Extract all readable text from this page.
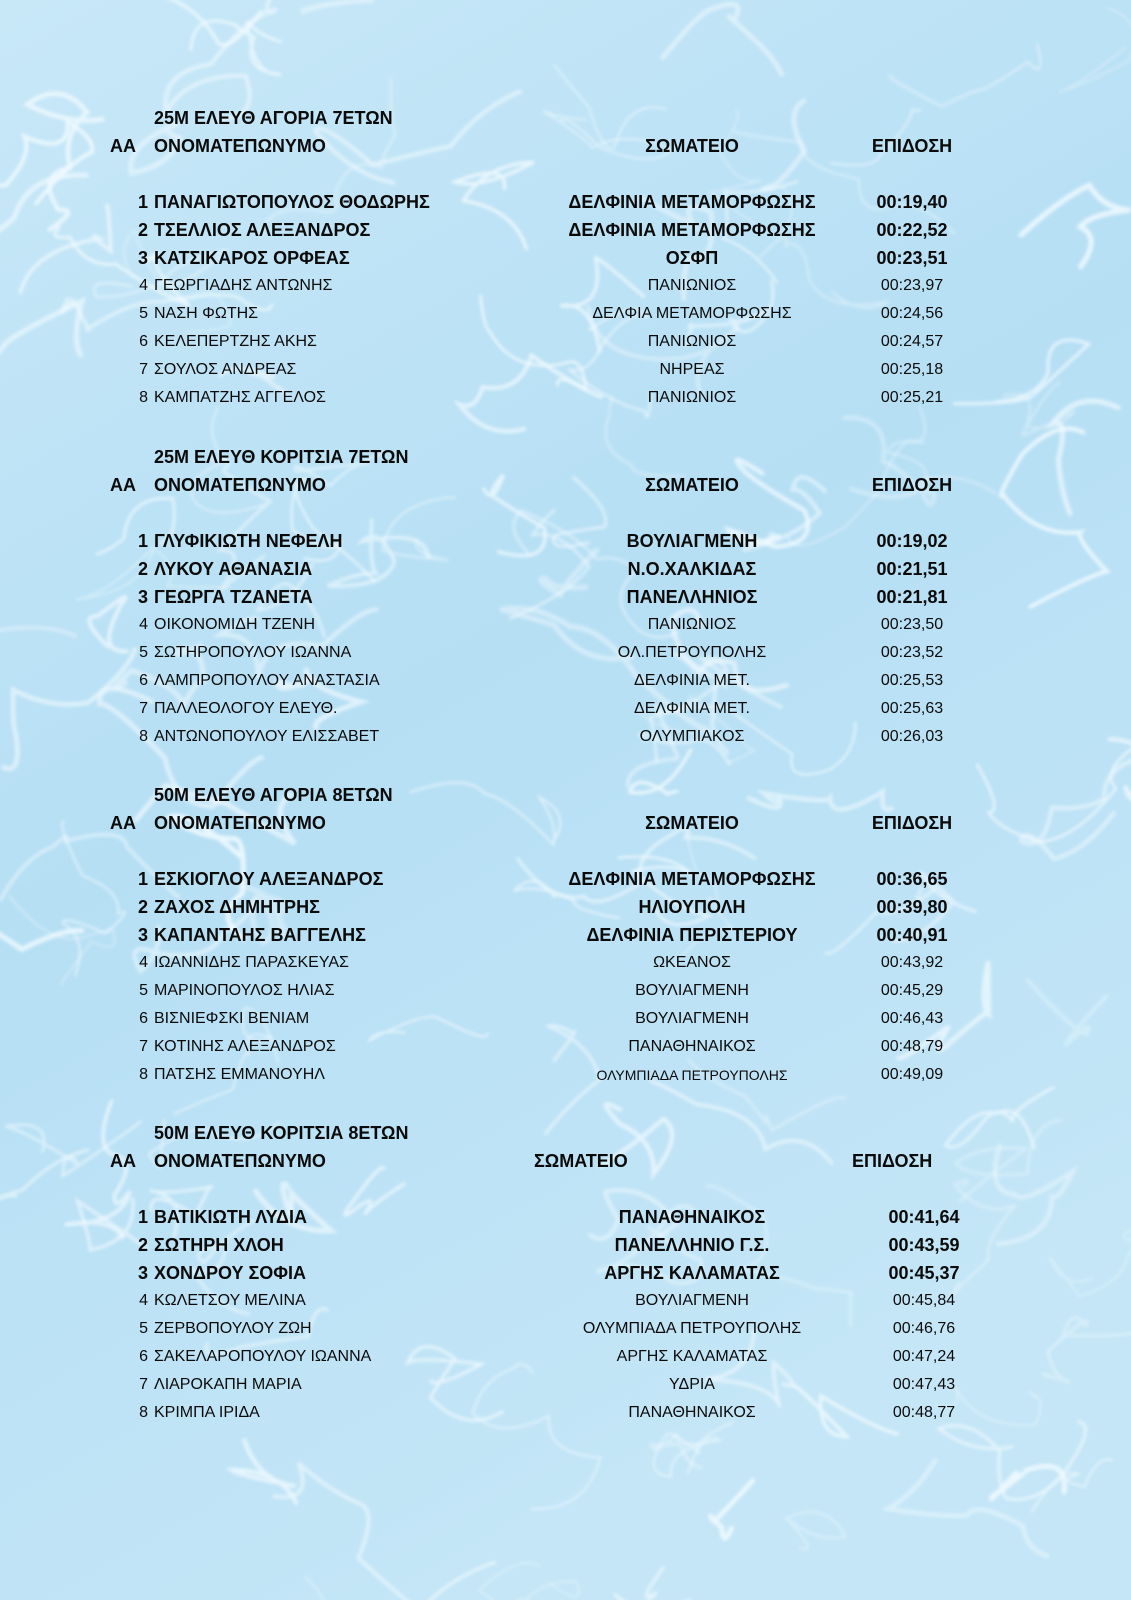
25Μ ΕΛΕΥΘ ΑΓΟΡΙΑ 7ΕΤΩΝ
ΑΑ ΟΝΟΜΑΤΕΠΩΝΥΜΟ	ΣΩΜΑΤΕΙΟ	ΕΠΙΔΟΣΗ
1 ΠΑΝΑΓΙΩΤΟΠΟΥΛΟΣ ΘΟΔΩΡΗΣ	ΔΕΛΦΙΝΙΑ ΜΕΤΑΜΟΡΦΩΣΗΣ	00:19,40
2 ΤΣΕΛΛΙΟΣ ΑΛΕΞΑΝΔΡΟΣ	ΔΕΛΦΙΝΙΑ ΜΕΤΑΜΟΡΦΩΣΗΣ	00:22,52
3 ΚΑΤΣΙΚΑΡΟΣ ΟΡΦΕΑΣ	ΟΣΦΠ	00:23,51
4 ΓΕΩΡΓΙΑΔΗΣ ΑΝΤΩΝΗΣ	ΠΑΝΙΩΝΙΟΣ	00:23,97
5 ΝΑΣΗ ΦΩΤΗΣ	ΔΕΛΦΙΑ ΜΕΤΑΜΟΡΦΩΣΗΣ	00:24,56
6 ΚΕΛΕΠΕΡΤΖΗΣ ΑΚΗΣ	ΠΑΝΙΩΝΙΟΣ	00:24,57
7 ΣΟΥΛΟΣ ΑΝΔΡΕΑΣ	ΝΗΡΕΑΣ	00:25,18
8 ΚΑΜΠΑΤΖΗΣ ΑΓΓΕΛΟΣ	ΠΑΝΙΩΝΙΟΣ	00:25,21
25Μ ΕΛΕΥΘ ΚΟΡΙΤΣΙΑ 7ΕΤΩΝ
ΑΑ ΟΝΟΜΑΤΕΠΩΝΥΜΟ	ΣΩΜΑΤΕΙΟ	ΕΠΙΔΟΣΗ
1 ΓΛΥΦΙΚΙΩΤΗ ΝΕΦΕΛΗ	ΒΟΥΛΙΑΓΜΕΝΗ	00:19,02
2 ΛΥΚΟΥ ΑΘΑΝΑΣΙΑ	Ν.Ο.ΧΑΛΚΙΔΑΣ	00:21,51
3 ΓΕΩΡΓΑ ΤΖΑΝΕΤΑ	ΠΑΝΕΛΛΗΝΙΟΣ	00:21,81
4 ΟΙΚΟΝΟΜΙΔΗ ΤΖΕΝΗ	ΠΑΝΙΩΝΙΟΣ	00:23,50
5 ΣΩΤΗΡΟΠΟΥΛΟΥ ΙΩΑΝΝΑ	ΟΛ.ΠΕΤΡΟΥΠΟΛΗΣ	00:23,52
6 ΛΑΜΠΡΟΠΟΥΛΟΥ ΑΝΑΣΤΑΣΙΑ	ΔΕΛΦΙΝΙΑ ΜΕΤ.	00:25,53
7 ΠΑΛΛΕΟΛΟΓΟΥ ΕΛΕΥΘ.	ΔΕΛΦΙΝΙΑ ΜΕΤ.	00:25,63
8 ΑΝΤΩΝΟΠΟΥΛΟΥ ΕΛΙΣΣΑΒΕΤ	ΟΛΥΜΠΙΑΚΟΣ	00:26,03
50Μ ΕΛΕΥΘ ΑΓΟΡΙΑ 8ΕΤΩΝ
ΑΑ ΟΝΟΜΑΤΕΠΩΝΥΜΟ	ΣΩΜΑΤΕΙΟ	ΕΠΙΔΟΣΗ
1 ΕΣΚΙΟΓΛΟΥ ΑΛΕΞΑΝΔΡΟΣ	ΔΕΛΦΙΝΙΑ ΜΕΤΑΜΟΡΦΩΣΗΣ	00:36,65
2 ΖΑΧΟΣ ΔΗΜΗΤΡΗΣ	ΗΛΙΟΥΠΟΛΗ	00:39,80
3 ΚΑΠΑΝΤΑΗΣ ΒΑΓΓΕΛΗΣ	ΔΕΛΦΙΝΙΑ ΠΕΡΙΣΤΕΡΙΟΥ	00:40,91
4 ΙΩΑΝΝΙΔΗΣ ΠΑΡΑΣΚΕΥΑΣ	ΩΚΕΑΝΟΣ	00:43,92
5 ΜΑΡΙΝΟΠΟΥΛΟΣ ΗΛΙΑΣ	ΒΟΥΛΙΑΓΜΕΝΗ	00:45,29
6 ΒΙΣΝΙΕΦΣΚΙ ΒΕΝΙΑΜ	ΒΟΥΛΙΑΓΜΕΝΗ	00:46,43
7 ΚΟΤΙΝΗΣ ΑΛΕΞΑΝΔΡΟΣ	ΠΑΝΑΘΗΝΑΙΚΟΣ	00:48,79
8 ΠΑΤΣΗΣ ΕΜΜΑΝΟΥΗΛ	ΟΛΥΜΠΙΑΔΑ ΠΕΤΡΟΥΠΟΛΗΣ	00:49,09
50Μ ΕΛΕΥΘ ΚΟΡΙΤΣΙΑ 8ΕΤΩΝ
ΑΑ ΟΝΟΜΑΤΕΠΩΝΥΜΟ	ΣΩΜΑΤΕΙΟ	ΕΠΙΔΟΣΗ
1 ΒΑΤΙΚΙΩΤΗ ΛΥΔΙΑ	ΠΑΝΑΘΗΝΑΙΚΟΣ	00:41,64
2 ΣΩΤΗΡΗ ΧΛΟΗ	ΠΑΝΕΛΛΗΝΙΟ Γ.Σ.	00:43,59
3 ΧΟΝΔΡΟΥ ΣΟΦΙΑ	ΑΡΓΗΣ ΚΑΛΑΜΑΤΑΣ	00:45,37
4 ΚΩΛΕΤΣΟΥ ΜΕΛΙΝΑ	ΒΟΥΛΙΑΓΜΕΝΗ	00:45,84
5 ΖΕΡΒΟΠΟΥΛΟΥ ΖΩΗ	ΟΛΥΜΠΙΑΔΑ ΠΕΤΡΟΥΠΟΛΗΣ	00:46,76
6 ΣΑΚΕΛΑΡΟΠΟΥΛΟΥ ΙΩΑΝΝΑ	ΑΡΓΗΣ ΚΑΛΑΜΑΤΑΣ	00:47,24
7 ΛΙΑΡΟΚΑΠΗ ΜΑΡΙΑ	ΥΔΡΙΑ	00:47,43
8 ΚΡΙΜΠΑ ΙΡΙΔΑ	ΠΑΝΑΘΗΝΑΙΚΟΣ	00:48,77
